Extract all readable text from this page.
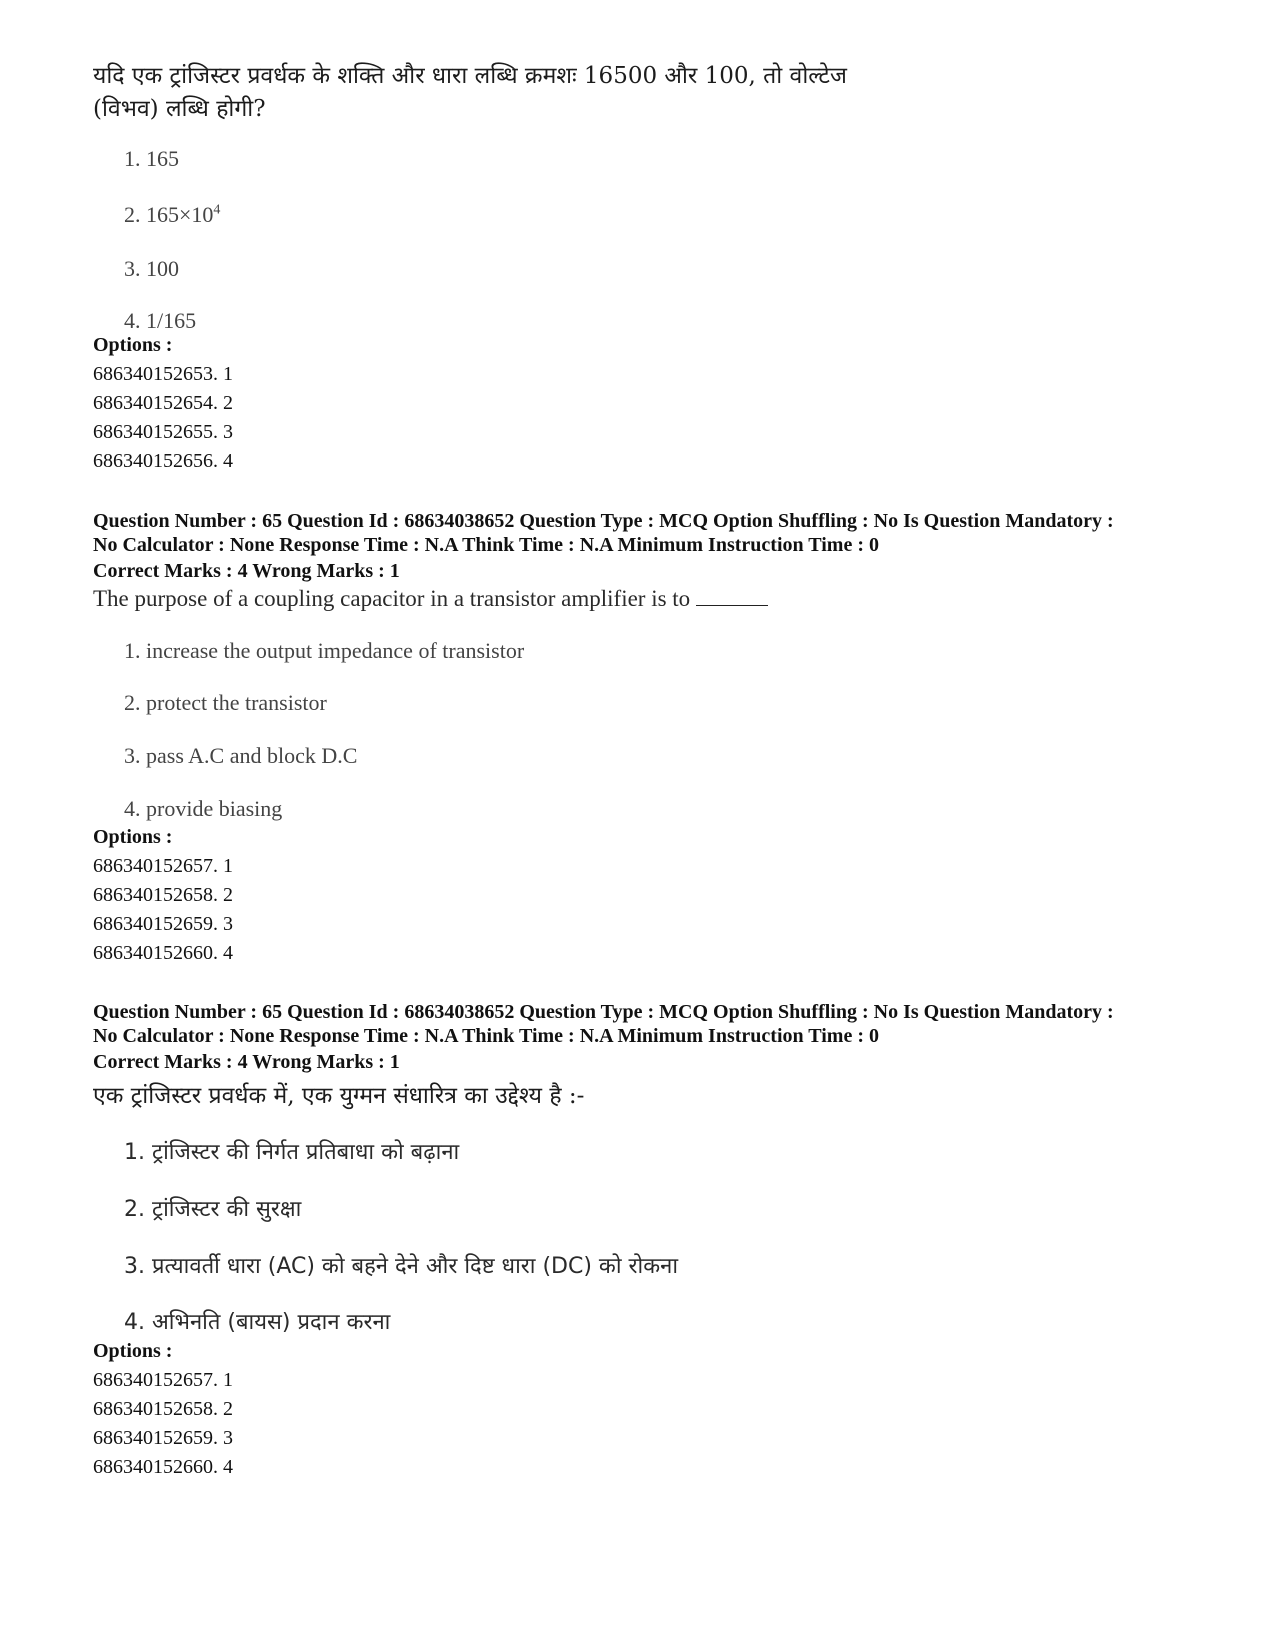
यदि एक ट्रांजिस्टर प्रवर्धक के शक्ति और धारा लब्धि क्रमशः 16500 और 100, तो वोल्टेज
(विभव) लब्धि होगी?
1. 165
2. $165\times 10^4$
3. 100
4. 1/165
Options :
686340152653. 1
686340152654. 2
686340152655. 3
686340152656. 4
Question Number : 65 Question Id : 68634038652 Question Type : MCQ Option Shuffling : No Is Question Mandatory :
No Calculator : None Response Time : N.A Think Time : N.A Minimum Instruction Time : 0
Correct Marks : 4 Wrong Marks : 1
The purpose of a coupling capacitor in a transistor amplifier is to
1. increase the output impedance of transistor
2. protect the transistor
3. pass A.C and block D.C
4. provide biasing
Options :
686340152657. 1
686340152658. 2
686340152659. 3
686340152660. 4
Question Number : 65 Question Id : 68634038652 Question Type : MCQ Option Shuffling : No Is Question Mandatory :
No Calculator : None Response Time : N.A Think Time : N.A Minimum Instruction Time : 0
Correct Marks : 4 Wrong Marks : 1
एक ट्रांजिस्टर प्रवर्धक में, एक युग्मन संधारित्र का उद्देश्य है :-
1. ट्रांजिस्टर की निर्गत प्रतिबाधा को बढ़ाना
2. ट्रांजिस्टर की सुरक्षा
3. प्रत्यावर्ती धारा (AC) को बहने देने और दिष्ट धारा (DC) को रोकना
4. अभिनति (बायस) प्रदान करना
Options :
686340152657. 1
686340152658. 2
686340152659. 3
686340152660. 4
